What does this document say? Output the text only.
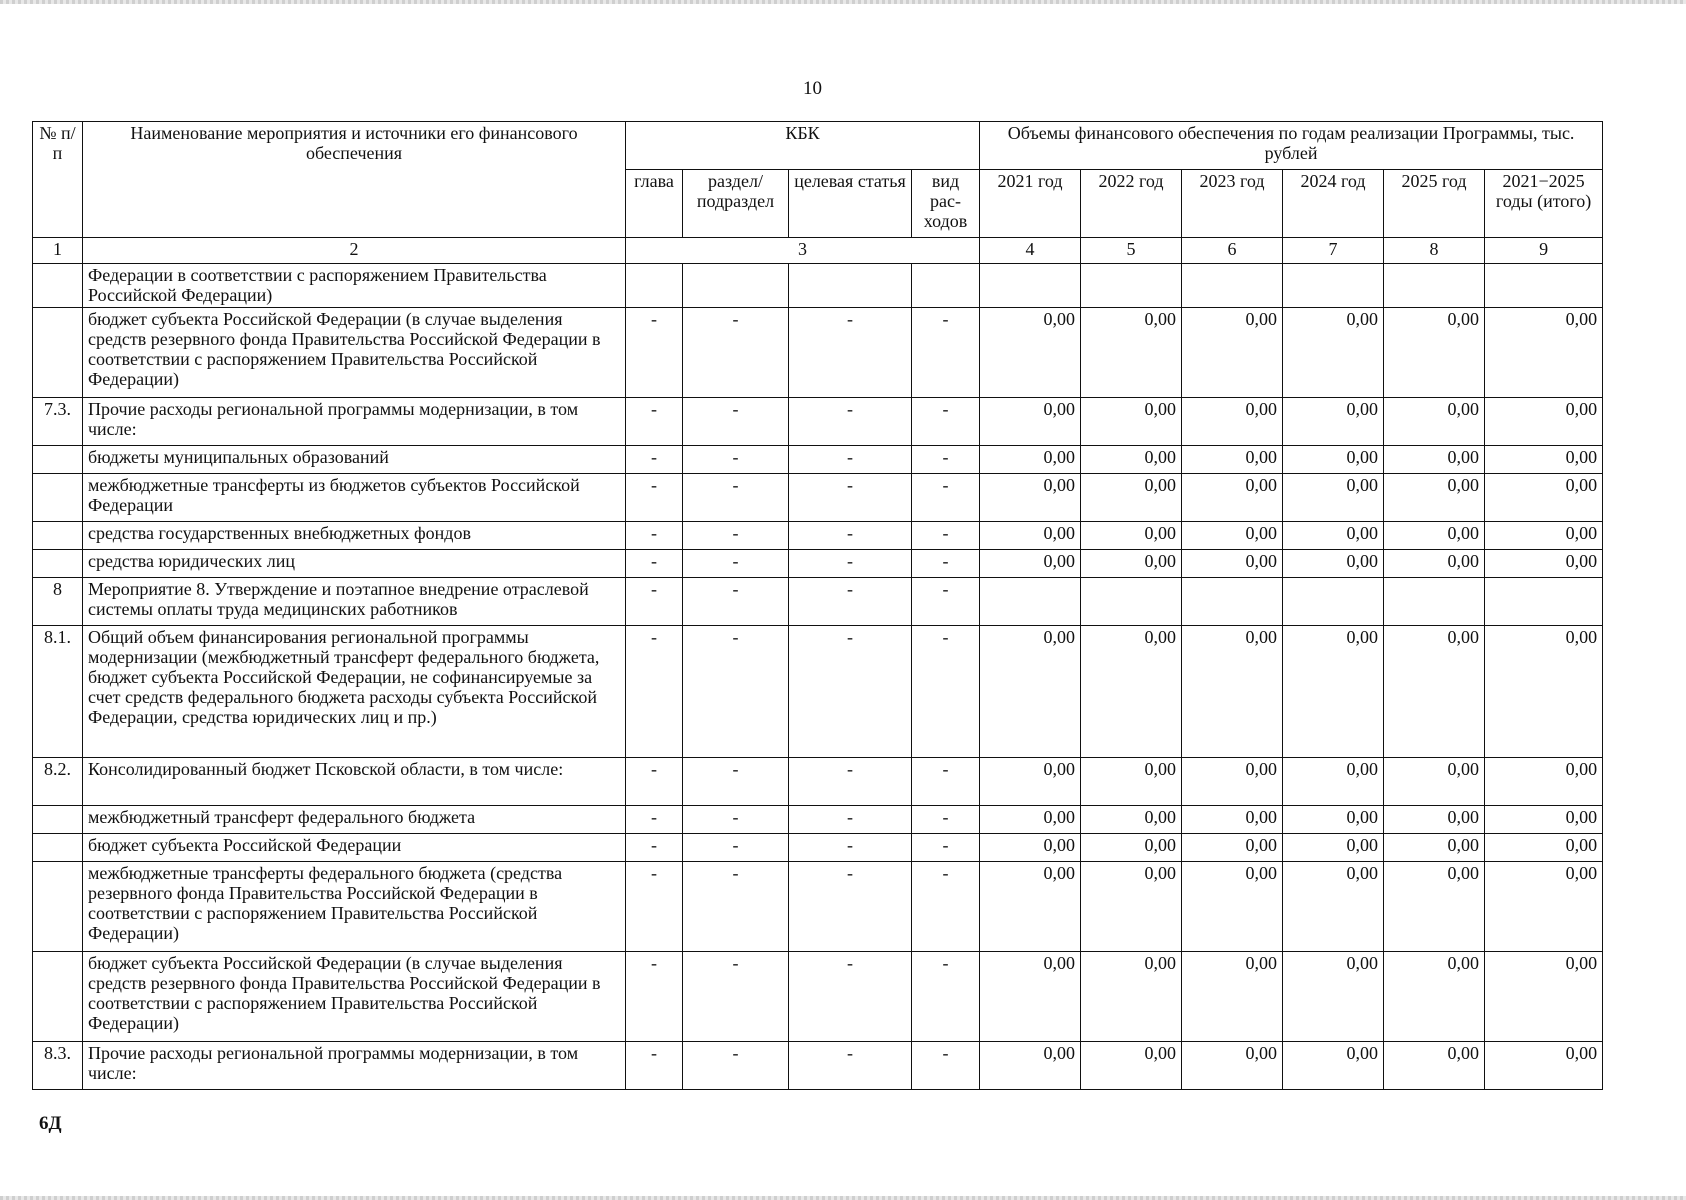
10
№ п/п	Наименование мероприятия и источники его финансового обеспечения	КБК				Объемы финансового обеспечения по годам реализации Программы, тыс. рублей					
		глава	раздел/ подраздел	целевая статья	вид рас-ходов	2021 год	2022 год	2023 год	2024 год	2025 год	2021−2025 годы (итого)
1	2	3				4	5	6	7	8	9
	Федерации в соответствии с распоряжением Правительства Российской Федерации)										
	бюджет субъекта Российской Федерации (в случае выделения средств резервного фонда Правительства Российской Федерации в соответствии с распоряжением Правительства Российской Федерации)	-	-	-	-	0,00	0,00	0,00	0,00	0,00	0,00
7.3.	Прочие расходы региональной программы модернизации, в том числе:	-	-	-	-	0,00	0,00	0,00	0,00	0,00	0,00
	бюджеты муниципальных образований	-	-	-	-	0,00	0,00	0,00	0,00	0,00	0,00
	межбюджетные трансферты из бюджетов субъектов Российской Федерации	-	-	-	-	0,00	0,00	0,00	0,00	0,00	0,00
	средства государственных внебюджетных фондов	-	-	-	-	0,00	0,00	0,00	0,00	0,00	0,00
	средства юридических лиц	-	-	-	-	0,00	0,00	0,00	0,00	0,00	0,00
8	Мероприятие 8. Утверждение и поэтапное внедрение отраслевой системы оплаты труда медицинских работников	-	-	-	-						
8.1.	Общий объем финансирования региональной программы модернизации (межбюджетный трансферт федерального бюджета, бюджет субъекта Российской Федерации, не софинансируемые за счет средств федерального бюджета расходы субъекта Российской Федерации, средства юридических лиц и пр.)	-	-	-	-	0,00	0,00	0,00	0,00	0,00	0,00
8.2.	Консолидированный бюджет Псковской области, в том числе:	-	-	-	-	0,00	0,00	0,00	0,00	0,00	0,00
	межбюджетный трансферт федерального бюджета	-	-	-	-	0,00	0,00	0,00	0,00	0,00	0,00
	бюджет субъекта Российской Федерации	-	-	-	-	0,00	0,00	0,00	0,00	0,00	0,00
	межбюджетные трансферты федерального бюджета (средства резервного фонда Правительства Российской Федерации в соответствии с распоряжением Правительства Российской Федерации)	-	-	-	-	0,00	0,00	0,00	0,00	0,00	0,00
	бюджет субъекта Российской Федерации (в случае выделения средств резервного фонда Правительства Российской Федерации в соответствии с распоряжением Правительства Российской Федерации)	-	-	-	-	0,00	0,00	0,00	0,00	0,00	0,00
8.3.	Прочие расходы региональной программы модернизации, в том числе:	-	-	-	-	0,00	0,00	0,00	0,00	0,00	0,00
6Д
